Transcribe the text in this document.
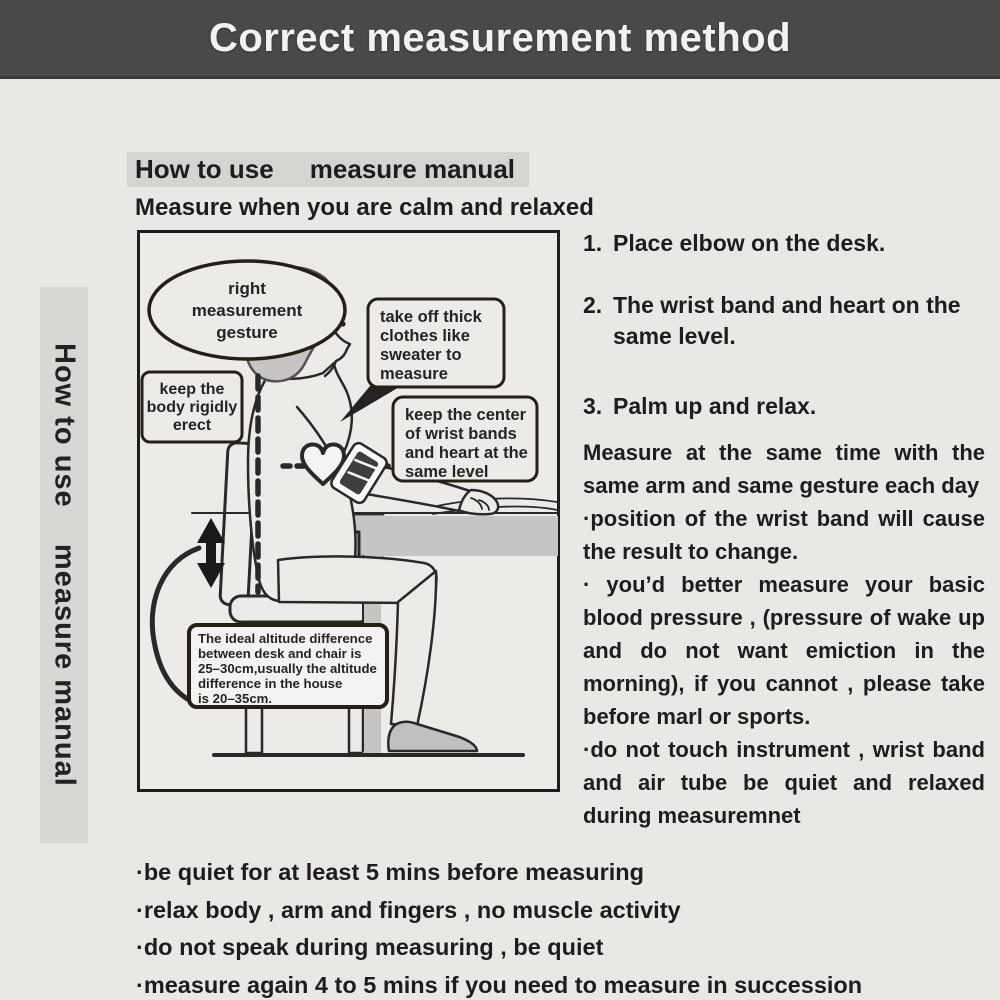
Correct measurement method
How to use    measure manual
How to use     measure manual
Measure when you are calm and relaxed
right
measurement
gesture
keep the
body rigidly
erect
take off thick
clothes like
sweater to
measure
keep the center
of wrist bands
and heart at the
same level
The ideal altitude difference
between desk and chair is
25–30cm,usually the altitude
difference in the house
is 20–35cm.
1. Place elbow on the desk.
2. The wrist band and heart on the same level.
3. Palm up and relax.

Measure at the same time with the same arm and same gesture each day

·position of the wrist band will cause the result to change.

· you’d better measure your basic blood pressure , (pressure of wake up and do not want emiction in the morning), if you cannot , please take before marl or sports.

·do not touch instrument , wrist band and air tube be quiet and relaxed during measuremnet

·be quiet for at least 5 mins before measuring
·relax body , arm and fingers , no muscle activity
·do not speak during measuring , be quiet
·measure again 4 to 5 mins if you need to measure in succession
